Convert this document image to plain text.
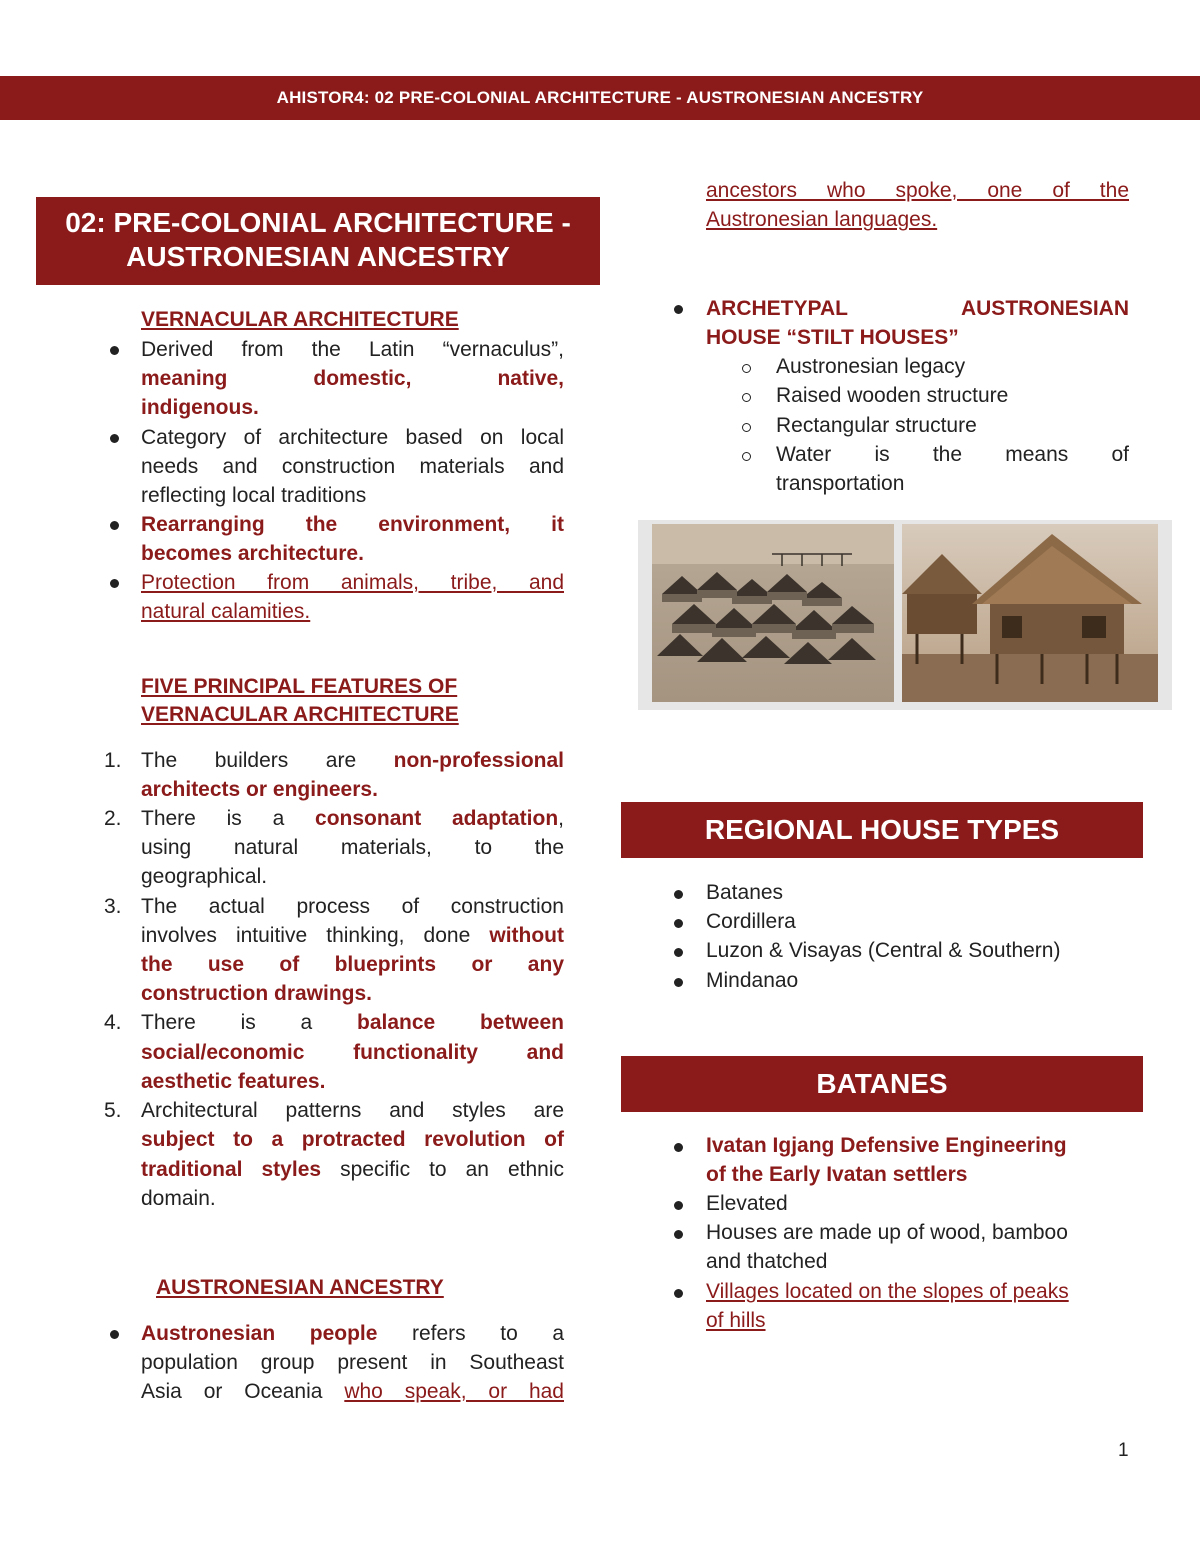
AHISTOR4: 02 PRE-COLONIAL ARCHITECTURE - AUSTRONESIAN ANCESTRY
02: PRE-COLONIAL ARCHITECTURE -
AUSTRONESIAN ANCESTRY
VERNACULAR ARCHITECTURE
Derived from the Latin “vernaculus”,
meaning domestic, native,
indigenous.
Category of architecture based on local
needs and construction materials and
reflecting local traditions
Rearranging the environment, it
becomes architecture.
Protection from animals, tribe, and
natural calamities.
FIVE PRINCIPAL FEATURES OF
VERNACULAR ARCHITECTURE
1. The builders are non-professional
architects or engineers.
2. There is a consonant adaptation,
using natural materials, to the
geographical.
3. The actual process of construction
involves intuitive thinking, done without
the use of blueprints or any
construction drawings.
4. There is a balance between
social/economic functionality and
aesthetic features.
5. Architectural patterns and styles are
subject to a protracted revolution of
traditional styles specific to an ethnic
domain.
AUSTRONESIAN ANCESTRY
Austronesian people refers to a
population group present in Southeast
Asia or Oceania who speak, or had
ancestors who spoke, one of the
Austronesian languages.
ARCHETYPAL AUSTRONESIAN
HOUSE “STILT HOUSES”
Austronesian legacy
Raised wooden structure
Rectangular structure
Water is the means of
transportation
REGIONAL HOUSE TYPES
Batanes
Cordillera
Luzon & Visayas (Central & Southern)
Mindanao
BATANES
Ivatan Igjang Defensive Engineering
of the Early Ivatan settlers
Elevated
Houses are made up of wood, bamboo
and thatched
Villages located on the slopes of peaks
of hills
1
